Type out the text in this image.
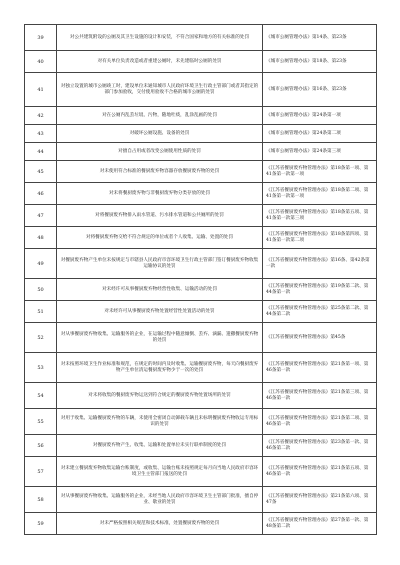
39	对公共建筑附设的公厕及其卫生设施的设计和安装，不符合国家和地方的有关标准的处罚	《城市公厕管理办法》第14条、第23条
40	对有关单位负责改造或者重建公厕时，未先建临时公厕的处罚	《城市公厕管理办法》第18条、第23条
41	对独立设置的城市公厕竣工时，建设单位未通知城市人民政府环境卫生行政主管部门或者其指定的部门参加验收，交付使用验收不合格的城市公厕的处罚	《城市公厕管理办法》第16条、第23条
42	对在公厕内乱丢垃圾、污物，随地吐痰，乱涂乱画的处罚	《城市公厕管理办法》第24条第一项
43	对破坏公厕设施、设备的处罚	《城市公厕管理办法》第24条第二项
44	对擅自占用或者改变公厕使用性质的处罚	《城市公厕管理办法》第24条第三项
45	对未使用符合标准的餐厨废弃物容器存放餐厨废弃物的处罚	《江苏省餐厨废弃物管理办法》第18条第一项、第41条第一款第一项
46	对未将餐厨废弃物与非餐厨废弃物分类存放的处罚	《江苏省餐厨废弃物管理办法》第18条第二项、第41条第一款第一项
47	对将餐厨废弃物排入雨水管道、污水排水管道和公共厕所的处罚	《江苏省餐厨废弃物管理办法》第18条第五项、第41条第一款第三项
48	对将餐厨废弃物交给不符合规定的单位或者个人收集、运输、处置的处罚	《江苏省餐厨废弃物管理办法》第18条第四项、第41条第一款第二项
49	对餐厨废弃物产生单位未按规定与市辖县人民政府市容环境卫生行政主管部门签订餐厨废弃物收集运输协议的处罚	《江苏省餐厨废弃物管理办法》第16条、第42条第一款
50	对未经许可从事餐厨废弃物经营性收集、运输活动的处罚	《江苏省餐厨废弃物管理办法》第19条第二款、第44条第一款
51	对未经许可从事餐厨废弃物处置经营性处置活动的处罚	《江苏省餐厨废弃物管理办法》第25条第二款、第44条第二款
52	对从事餐厨废弃物收集、运输服务的企业，在运输过程中随意倾倒、丢弃、滴漏、遗撒餐厨废弃物的处罚	《江苏省餐厨废弃物管理办法》第45条
53	对未按照环境卫生作业标准和规范，在规定的时间内及时收集、运输餐厨废弃物，每天向餐厨废弃物产生单位清运餐厨废弃物少于一次的处罚	《江苏省餐厨废弃物管理办法》第21条第一项、第46条第一款
54	对未将收集的餐厨废弃物运送到符合规定的餐厨废弃物处置场所的处罚	《江苏省餐厨废弃物管理办法》第21条第三项、第46条第一款
55	对用于收集、运输餐厨废弃物的车辆，未使用全密闭自动卸载车辆且未标明餐厨废弃物收运专用标识的处罚	《江苏省餐厨废弃物管理办法》第21条第二项、第46条第一款
56	对餐厨废弃物产生、收集、运输和处置单位未实行联单制度的处罚	《江苏省餐厨废弃物管理办法》第23条第一款、第46条第二款
57	对未建立餐厨废弃物收集运输台账制度，或收集、运输台账未按照规定每月向当地人民政府市容环境卫生主管部门报送的处罚	《江苏省餐厨废弃物管理办法》第21条第五项、第46条第一款
58	对从事餐厨废弃物收集、运输服务的企业，未经当地人民政府市容环境卫生主管部门批准，擅自停业、歇业的处罚	《江苏省餐厨废弃物管理办法》第21条第六项、第47条
59	对未严格按照相关规范和技术标准，处置餐厨废弃物的处罚	《江苏省餐厨废弃物管理办法》第27条第一款、第48条第二款
